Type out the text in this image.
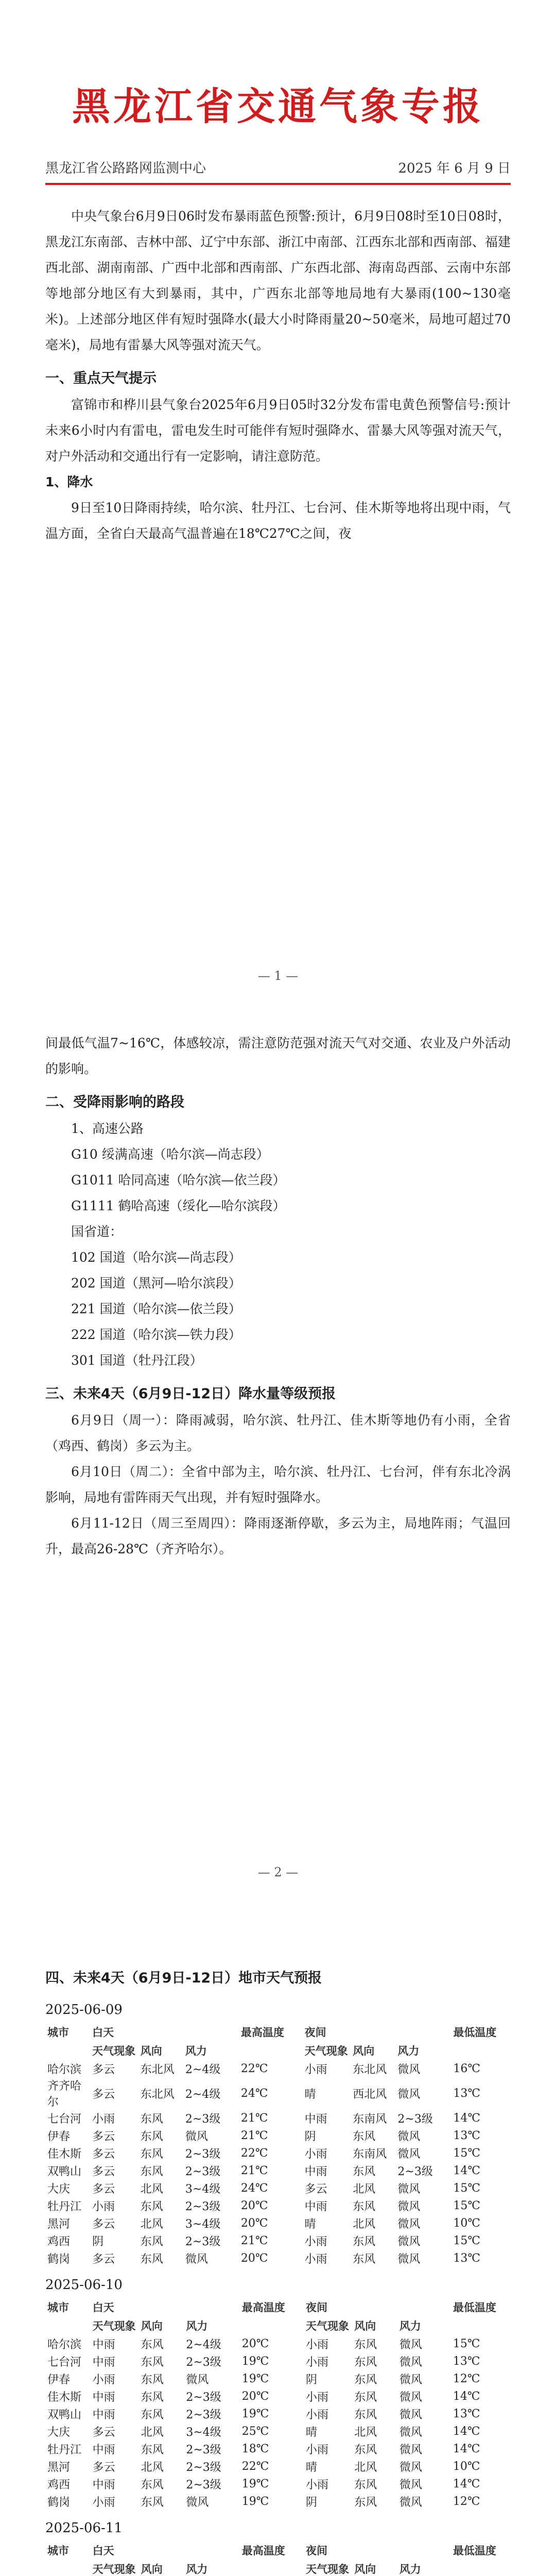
黑龙江省交通气象专报
黑龙江省公路路网监测中心	2025 年 6 月 9 日

中央气象台6月9日06时发布暴雨蓝色预警:预计，6月9日08时至10日08时，黑龙江东南部、吉林中部、辽宁中东部、浙江中南部、江西东北部和西南部、福建西北部、湖南南部、广西中北部和西南部、广东西北部、海南岛西部、云南中东部等地部分地区有大到暴雨，其中，广西东北部等地局地有大暴雨(100~130毫米)。上述部分地区伴有短时强降水(最大小时降雨量20~50毫米，局地可超过70毫米)，局地有雷暴大风等强对流天气。

一、重点天气提示

富锦市和桦川县气象台2025年6月9日05时32分发布雷电黄色预警信号:预计未来6小时内有雷电，雷电发生时可能伴有短时强降水、雷暴大风等强对流天气，对户外活动和交通出行有一定影响，请注意防范。

1、降水

9日至10日降雨持续，哈尔滨、牡丹江、七台河、佳木斯等地将出现中雨，气温方面，全省白天最高气温普遍在18℃27℃之间，夜

— 1 —

间最低气温7~16℃，体感较凉，需注意防范强对流天气对交通、农业及户外活动的影响。

二、受降雨影响的路段

1、高速公路

G10 绥满高速（哈尔滨—尚志段）

G1011 哈同高速（哈尔滨—依兰段）

G1111 鹤哈高速（绥化—哈尔滨段）

国省道：

102 国道（哈尔滨—尚志段）

202 国道（黑河—哈尔滨段）

221 国道（哈尔滨—依兰段）

222 国道（哈尔滨—铁力段）

301 国道（牡丹江段）

三、未来4天（6月9日-12日）降水量等级预报

6月9日（周一）：降雨减弱，哈尔滨、牡丹江、佳木斯等地仍有小雨，全省（鸡西、鹤岗）多云为主。

6月10日（周二）：全省中部为主，哈尔滨、牡丹江、七台河，伴有东北冷涡影响，局地有雷阵雨天气出现，并有短时强降水。

6月11-12日（周三至周四）：降雨逐渐停歇，多云为主，局地阵雨；气温回升，最高26-28℃（齐齐哈尔）。

— 2 —

四、未来4天（6月9日-12日）地市天气预报

2025-06-09
城市	白天			最高温度	夜间			最低温度
	天气现象	风向	风力		天气现象	风向	风力	
哈尔滨	多云	东北风	2~4级	22℃	小雨	东北风	微风	16℃
齐齐哈尔	多云	东北风	2~4级	24℃	晴	西北风	微风	13℃
七台河	小雨	东风	2~3级	21℃	中雨	东南风	2~3级	14℃
伊春	多云	东风	微风	21℃	阴	东风	微风	13℃
佳木斯	多云	东风	2~3级	22℃	小雨	东南风	微风	15℃
双鸭山	多云	东风	2~3级	21℃	中雨	东风	2~3级	14℃
大庆	多云	北风	3~4级	24℃	多云	北风	微风	15℃
牡丹江	小雨	东风	2~3级	20℃	中雨	东风	微风	15℃
黑河	多云	北风	3~4级	20℃	晴	北风	微风	10℃
鸡西	阴	东风	2~3级	21℃	小雨	东风	微风	15℃
鹤岗	多云	东风	微风	20℃	小雨	东风	微风	13℃
2025-06-10
城市	白天			最高温度	夜间			最低温度
	天气现象	风向	风力		天气现象	风向	风力	
哈尔滨	中雨	东风	2~4级	20℃	小雨	东风	微风	15℃
七台河	中雨	东风	2~3级	19℃	小雨	东风	微风	13℃
伊春	小雨	东风	微风	19℃	阴	东风	微风	12℃
佳木斯	中雨	东风	2~3级	20℃	小雨	东风	微风	14℃
双鸭山	中雨	东风	2~3级	19℃	小雨	东风	微风	13℃
大庆	多云	北风	3~4级	25℃	晴	北风	微风	14℃
牡丹江	中雨	东风	2~3级	18℃	小雨	东风	微风	14℃
黑河	多云	北风	2~3级	22℃	晴	北风	微风	10℃
鸡西	中雨	东风	2~3级	19℃	小雨	东风	微风	14℃
鹤岗	小雨	东风	微风	19℃	阴	东风	微风	12℃
2025-06-11
城市	白天			最高温度	夜间			最低温度
	天气现象	风向	风力		天气现象	风向	风力	
